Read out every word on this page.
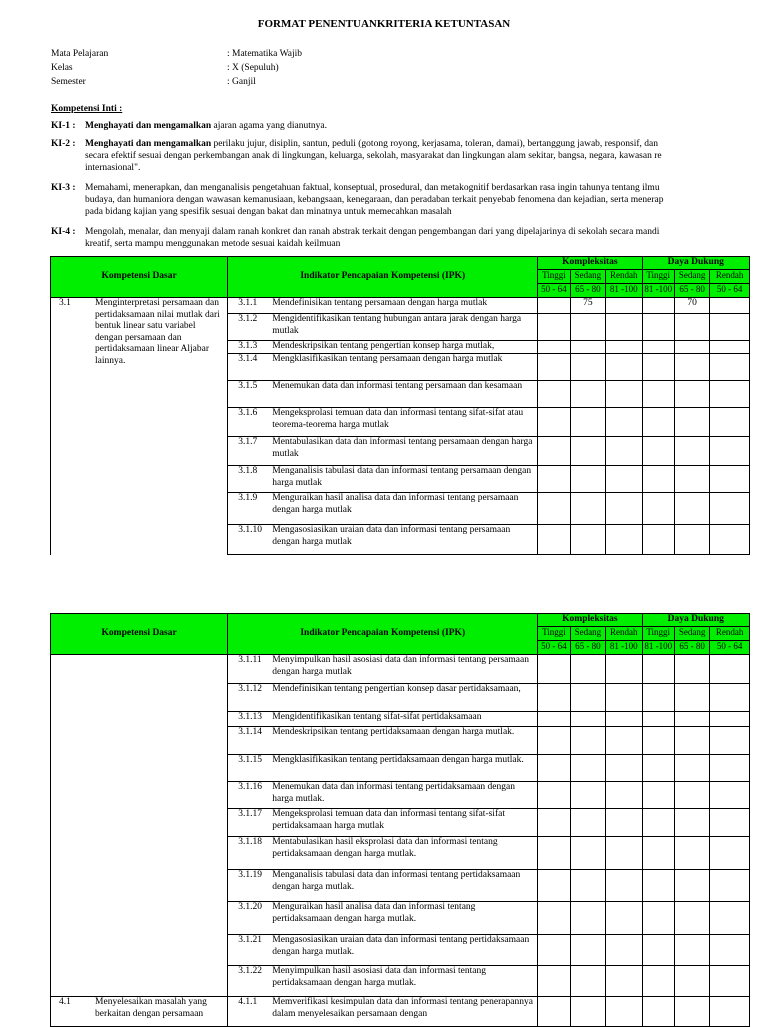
FORMAT PENENTUANKRITERIA KETUNTASAN
Mata Pelajaran	: Matematika Wajib
Kelas	: X (Sepuluh)
Semester	: Ganjil
Kompetensi Inti :
KI-1 : Menghayati dan mengamalkan ajaran agama yang dianutnya.
KI-2 : Menghayati dan mengamalkan perilaku jujur, disiplin, santun, peduli (gotong royong, kerjasama, toleran, damai), bertanggung jawab, responsif, dan
secara efektif sesuai dengan perkembangan anak di lingkungan, keluarga, sekolah, masyarakat dan lingkungan alam sekitar, bangsa, negara, kawasan re
internasional".
KI-3 : Memahami, menerapkan, dan menganalisis pengetahuan faktual, konseptual, prosedural, dan metakognitif berdasarkan rasa ingin tahunya tentang ilmu
budaya, dan humaniora dengan wawasan kemanusiaan, kebangsaan, kenegaraan, dan peradaban terkait penyebab fenomena dan kejadian, serta menerap
pada bidang kajian yang spesifik sesuai dengan bakat dan minatnya untuk memecahkan masalah
KI-4 : Mengolah, menalar, dan menyaji dalam ranah konkret dan ranah abstrak terkait dengan pengembangan dari yang dipelajarinya di sekolah secara mandi
kreatif, serta mampu menggunakan metode sesuai kaidah keilmuan
Kompetensi Dasar		Indikator Pencapaian Kompetensi (IPK)		Kompleksitas			Daya Dukung		
				Tinggi	Sedang	Rendah	Tinggi	Sedang	Rendah
				50 - 64	65 - 80	81 -100	81 -100	65 - 80	50 - 64
3.1	Menginterpretasi persamaan dan pertidaksamaan nilai mutlak dari bentuk linear satu variabel dengan persamaan dan pertidaksamaan linear Aljabar lainnya.	3.1.1	Mendefinisikan tentang persamaan dengan harga mutlak		75			70	
		3.1.2	Mengidentifikasikan tentang hubungan antara jarak dengan harga mutlak						
		3.1.3	Mendeskripsikan tentang pengertian konsep harga mutlak,						
		3.1.4	Mengklasifikasikan tentang persamaan dengan harga mutlak						
		3.1.5	Menemukan data dan informasi tentang persamaan dan kesamaan						
		3.1.6	Mengeksprolasi temuan data dan informasi tentang sifat-sifat atau teorema-teorema harga mutlak						
		3.1.7	Mentabulasikan data dan informasi tentang persamaan dengan harga mutlak						
		3.1.8	Menganalisis tabulasi data dan informasi tentang persamaan dengan harga mutlak						
		3.1.9	Menguraikan hasil analisa data dan informasi tentang persamaan dengan harga mutlak						
		3.1.10	Mengasosiasikan uraian data dan informasi tentang persamaan dengan harga mutlak						
Kompetensi Dasar		Indikator Pencapaian Kompetensi (IPK)		Kompleksitas			Daya Dukung		
				Tinggi	Sedang	Rendah	Tinggi	Sedang	Rendah
				50 - 64	65 - 80	81 -100	81 -100	65 - 80	50 - 64
		3.1.11	Menyimpulkan hasil asosiasi data dan informasi tentang persamaan dengan harga mutlak						
		3.1.12	Mendefinisikan tentang pengertian konsep dasar pertidaksamaan,						
		3.1.13	Mengidentifikasikan tentang sifat-sifat pertidaksamaan						
		3.1.14	Mendeskripsikan tentang pertidaksamaan dengan harga mutlak.						
		3.1.15	Mengklasifikasikan tentang pertidaksamaan dengan harga mutlak.						
		3.1.16	Menemukan data dan informasi tentang pertidaksamaan dengan harga mutlak.						
		3.1.17	Mengeksprolasi temuan data dan informasi tentang sifat-sifat pertidaksamaan harga mutlak						
		3.1.18	Mentabulasikan hasil eksprolasi data dan informasi tentang pertidaksamaan dengan harga mutlak.						
		3.1.19	Menganalisis tabulasi data dan informasi tentang pertidaksamaan dengan harga mutlak.						
		3.1.20	Menguraikan hasil analisa data dan informasi tentang pertidaksamaan dengan harga mutlak.						
		3.1.21	Mengasosiasikan uraian data dan informasi tentang pertidaksamaan dengan harga mutlak.						
		3.1.22	Menyimpulkan hasil asosiasi data dan informasi tentang pertidaksamaan dengan harga mutlak.						
4.1	Menyelesaikan masalah yang berkaitan dengan persamaan	4.1.1	Memverifikasi kesimpulan data dan informasi tentang penerapannya dalam menyelesaikan persamaan dengan						
